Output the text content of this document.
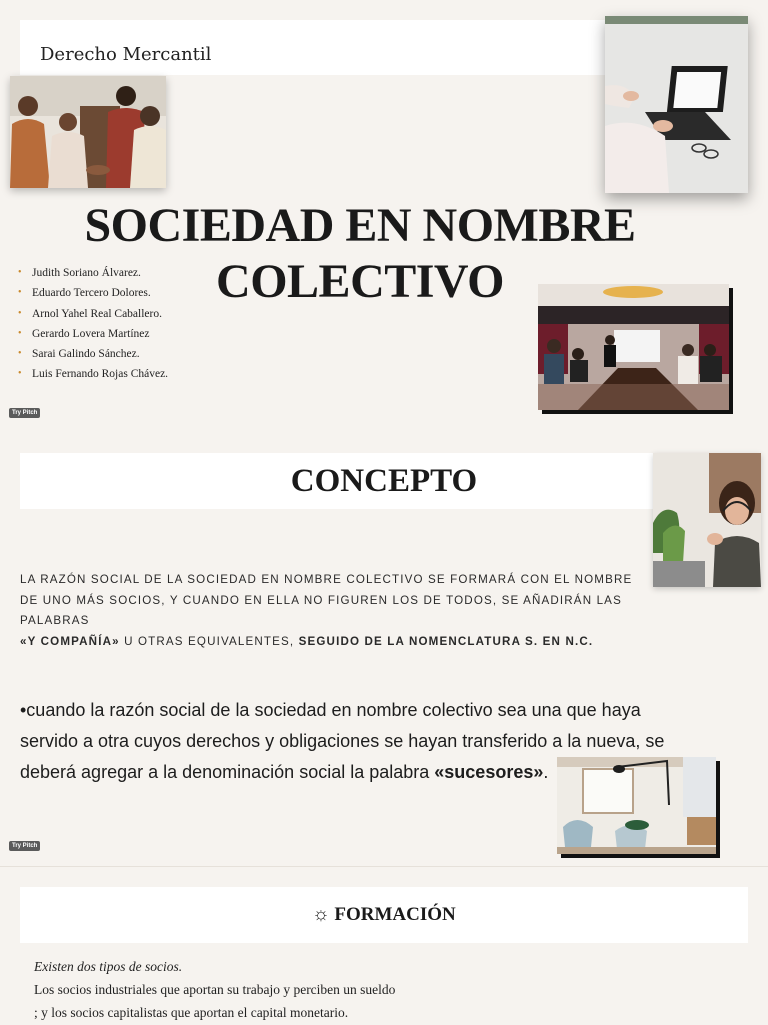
Derecho Mercantil
SOCIEDAD EN NOMBRE
COLECTIVO
• Judith Soriano Álvarez.
• Eduardo Tercero Dolores.
• Arnol Yahel Real Caballero.
• Gerardo Lovera Martínez
• Sarai Galindo Sánchez.
• Luis Fernando Rojas Chávez.
Try Pitch
CONCEPTO
LA RAZÓN SOCIAL DE LA SOCIEDAD EN NOMBRE COLECTIVO SE FORMARÁ CON EL NOMBRE
DE UNO MÁS SOCIOS, Y CUANDO EN ELLA NO FIGUREN LOS DE TODOS, SE AÑADIRÁN LAS
PALABRAS
«Y COMPAÑÍA» U OTRAS EQUIVALENTES, SEGUIDO DE LA NOMENCLATURA S. EN N.C.
•cuando la razón social de la sociedad en nombre colectivo sea una que haya
servido a otra cuyos derechos y obligaciones se hayan transferido a la nueva, se
deberá agregar a la denominación social la palabra «sucesores».
Try Pitch
☼ FORMACIÓN
Existen dos tipos de socios.
Los socios industriales que aportan su trabajo y perciben un sueldo
; y los socios capitalistas que aportan el capital monetario.
